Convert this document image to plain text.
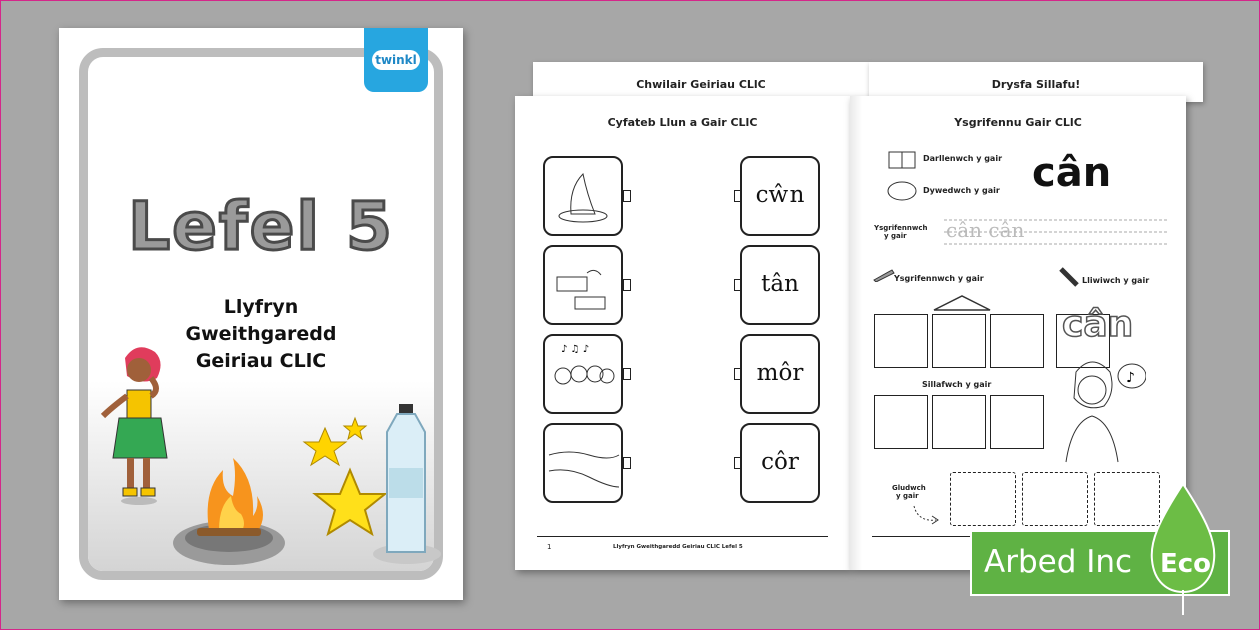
Chwilair Geiriau CLlC	Drysfa Sillafu!
twinkl
Lefel 5
Llyfryn
Gweithgaredd
Geiriau CLlC
Cyfateb Llun a Gair CLlC
♪ ♫ ♪
cŵn
tân
môr
côr
1	Llyfryn Gweithgaredd Geiriau CLlC Lefel 5
Ysgrifennu Gair CLlC
Darllenwch y gair
Dywedwch y gair cân
Ysgrifennwch
y gair	cân cân
Ysgrifennwch y gair	Lliwiwch y gair
cân
Sillafwch y gair	♪
Gludwch
y gair
Arbed Inc Eco
